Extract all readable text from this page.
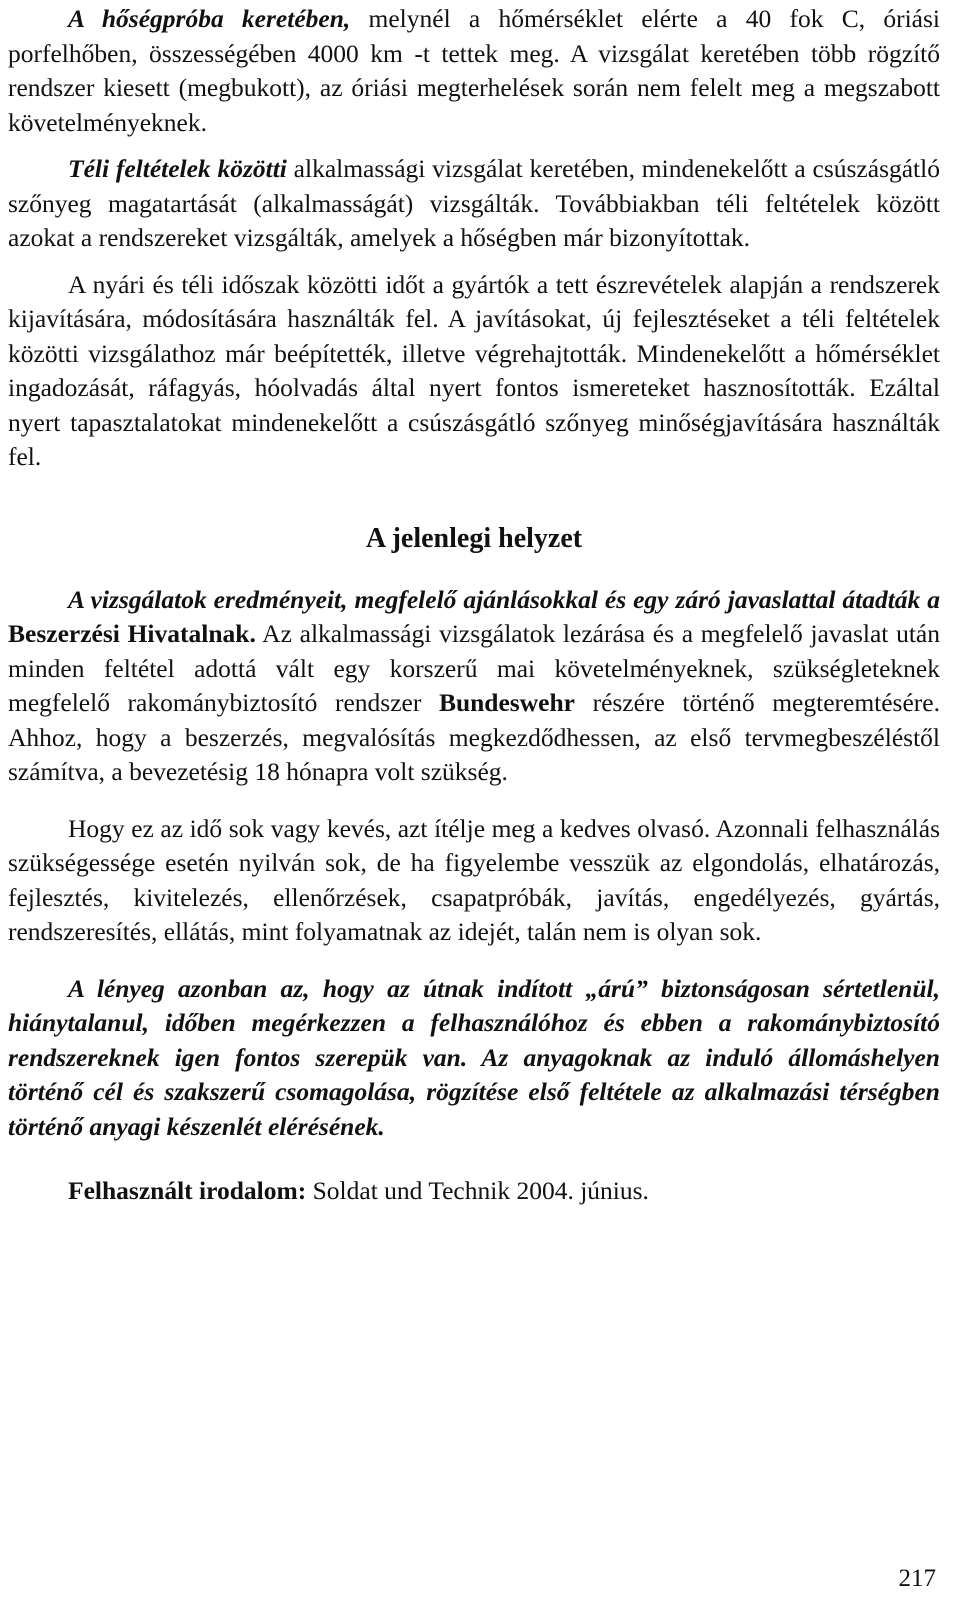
A hőségpróba keretében, melynél a hőmérséklet elérte a 40 fok C, óriási porfelhőben, összességében 4000 km -t tettek meg. A vizsgálat keretében több rögzítő rendszer kiesett (megbukott), az óriási megterhelések során nem felelt meg a megszabott követelményeknek.

Téli feltételek közötti alkalmassági vizsgálat keretében, mindenekelőtt a csúszásgátló szőnyeg magatartását (alkalmasságát) vizsgálták. Továbbiakban téli feltételek között azokat a rendszereket vizsgálták, amelyek a hőségben már bizonyítottak.

A nyári és téli időszak közötti időt a gyártók a tett észrevételek alapján a rendszerek kijavítására, módosítására használták fel. A javításokat, új fejlesztéseket a téli feltételek közötti vizsgálathoz már beépítették, illetve végrehajtották. Mindenekelőtt a hőmérséklet ingadozását, ráfagyás, hóolvadás által nyert fontos ismereteket hasznosították. Ezáltal nyert tapasztalatokat mindenekelőtt a csúszásgátló szőnyeg minőségjavítására használták fel.

A jelenlegi helyzet

A vizsgálatok eredményeit, megfelelő ajánlásokkal és egy záró javaslattal átadták a Beszerzési Hivatalnak. Az alkalmassági vizsgálatok lezárása és a megfelelő javaslat után minden feltétel adottá vált egy korszerű mai követelményeknek, szükségleteknek megfelelő rakománybiztosító rendszer Bundeswehr részére történő megteremtésére. Ahhoz, hogy a beszerzés, megvalósítás megkezdődhessen, az első tervmegbeszéléstől számítva, a bevezetésig 18 hónapra volt szükség.

Hogy ez az idő sok vagy kevés, azt ítélje meg a kedves olvasó. Azonnali felhasználás szükségessége esetén nyilván sok, de ha figyelembe vesszük az elgondolás, elhatározás, fejlesztés, kivitelezés, ellenőrzések, csapatpróbák, javítás, engedélyezés, gyártás, rendszeresítés, ellátás, mint folyamatnak az idejét, talán nem is olyan sok.

A lényeg azonban az, hogy az útnak indított „árú” biztonságosan sértetlenül, hiánytalanul, időben megérkezzen a felhasználóhoz és ebben a rakománybiztosító rendszereknek igen fontos szerepük van. Az anyagoknak az induló állomáshelyen történő cél és szakszerű csomagolása, rögzítése első feltétele az alkalmazási térségben történő anyagi készenlét elérésének.

Felhasznált irodalom: Soldat und Technik 2004. június.

217
